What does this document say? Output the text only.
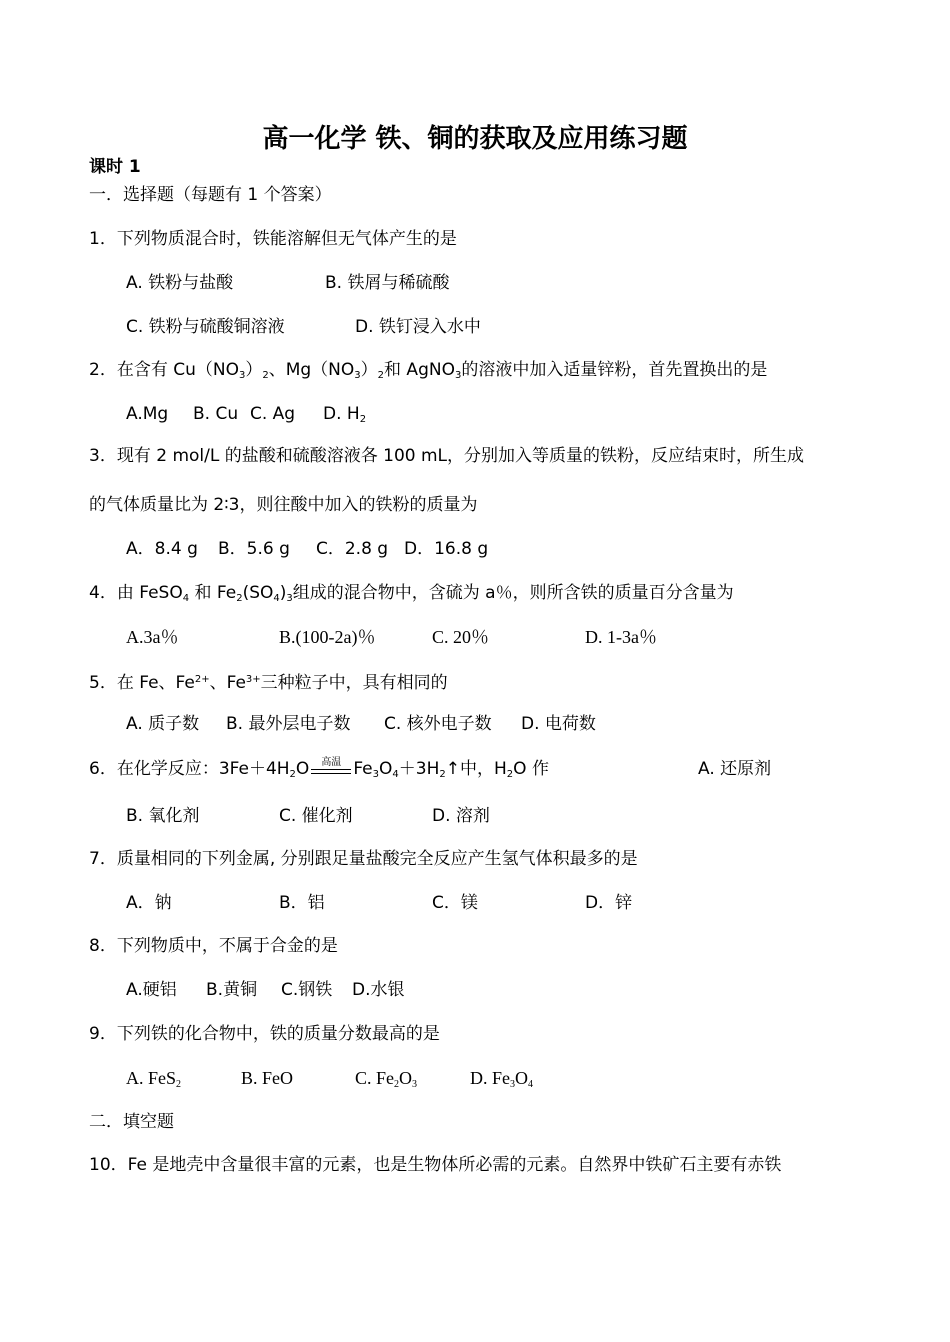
高一化学 铁、铜的获取及应用练习题
课时 1
一．选择题（每题有 1 个答案）
1．下列物质混合时，铁能溶解但无气体产生的是
A. 铁粉与盐酸	B. 铁屑与稀硫酸
C. 铁粉与硫酸铜溶液	D. 铁钉浸入水中
2．在含有 $Cu(NO_3)_2$、$Mg(NO_3)_2$和 AgNO$_3$的溶液中加入适量锌粉，首先置换出的是
A.Mg B. Cu C. Ag D. $H_2$
3．现有 2 mol/L 的盐酸和硫酸溶液各 100 mL，分别加入等质量的铁粉，反应结束时，所生成
的气体质量比为 2∶3，则往酸中加入的铁粉的质量为
A．8.4 g B．5.6 g C．2.8 g D．16.8 g
4．由 FeSO$_4$ 和 $Fe_2(SO_4)_3$组成的混合物中，含硫为 a％，则所含铁的质量百分含量为
A.3a％	B.(100-2a)％	C. 20％	D. 1-3a％
5．在 Fe、$Fe^{2+}$、$Fe^{3+}$三种粒子中，具有相同的
A. 质子数 B. 最外层电子数 C. 核外电子数 D. 电荷数
6．在化学反应：$3Fe+4H_2O$	高温 $Fe_3O_4+3H_2↑$中，$H_2O$ 作	A. 还原剂
B. 氧化剂	C. 催化剂	D. 溶剂
7．质量相同的下列金属, 分别跟足量盐酸完全反应产生氢气体积最多的是
A．钠	B．铝	C．镁	D．锌
8．下列物质中，不属于合金的是
A.硬铝 B.黄铜 C.钢铁 D.水银
9．下列铁的化合物中，铁的质量分数最高的是
A. FeS$_2$	B. FeO	C. $Fe_2O_3$	D. $Fe_3O_4$
二．填空题
10．Fe 是地壳中含量很丰富的元素，也是生物体所必需的元素。自然界中铁矿石主要有赤铁
